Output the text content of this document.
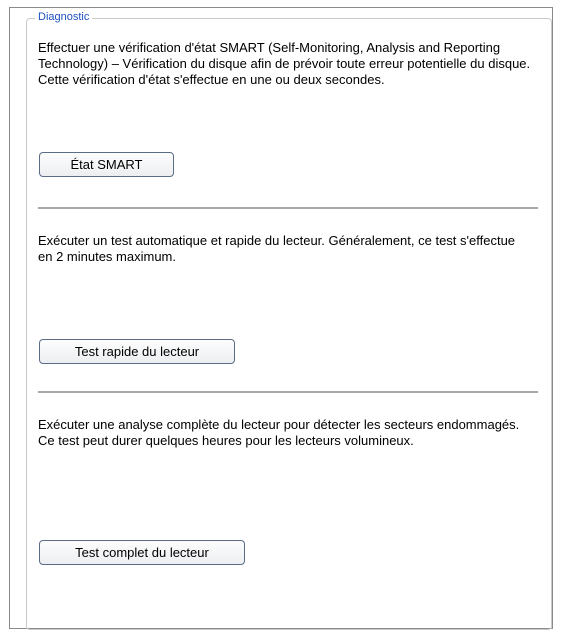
Diagnostic

Effectuer une vérification d'état SMART (Self-Monitoring, Analysis and Reporting Technology) – Vérification du disque afin de prévoir toute erreur potentielle du disque. Cette vérification d'état s'effectue en une ou deux secondes.

État SMART

Exécuter un test automatique et rapide du lecteur. Généralement, ce test s'effectue en 2 minutes maximum.

Test rapide du lecteur

Exécuter une analyse complète du lecteur pour détecter les secteurs endommagés. Ce test peut durer quelques heures pour les lecteurs volumineux.

Test complet du lecteur
